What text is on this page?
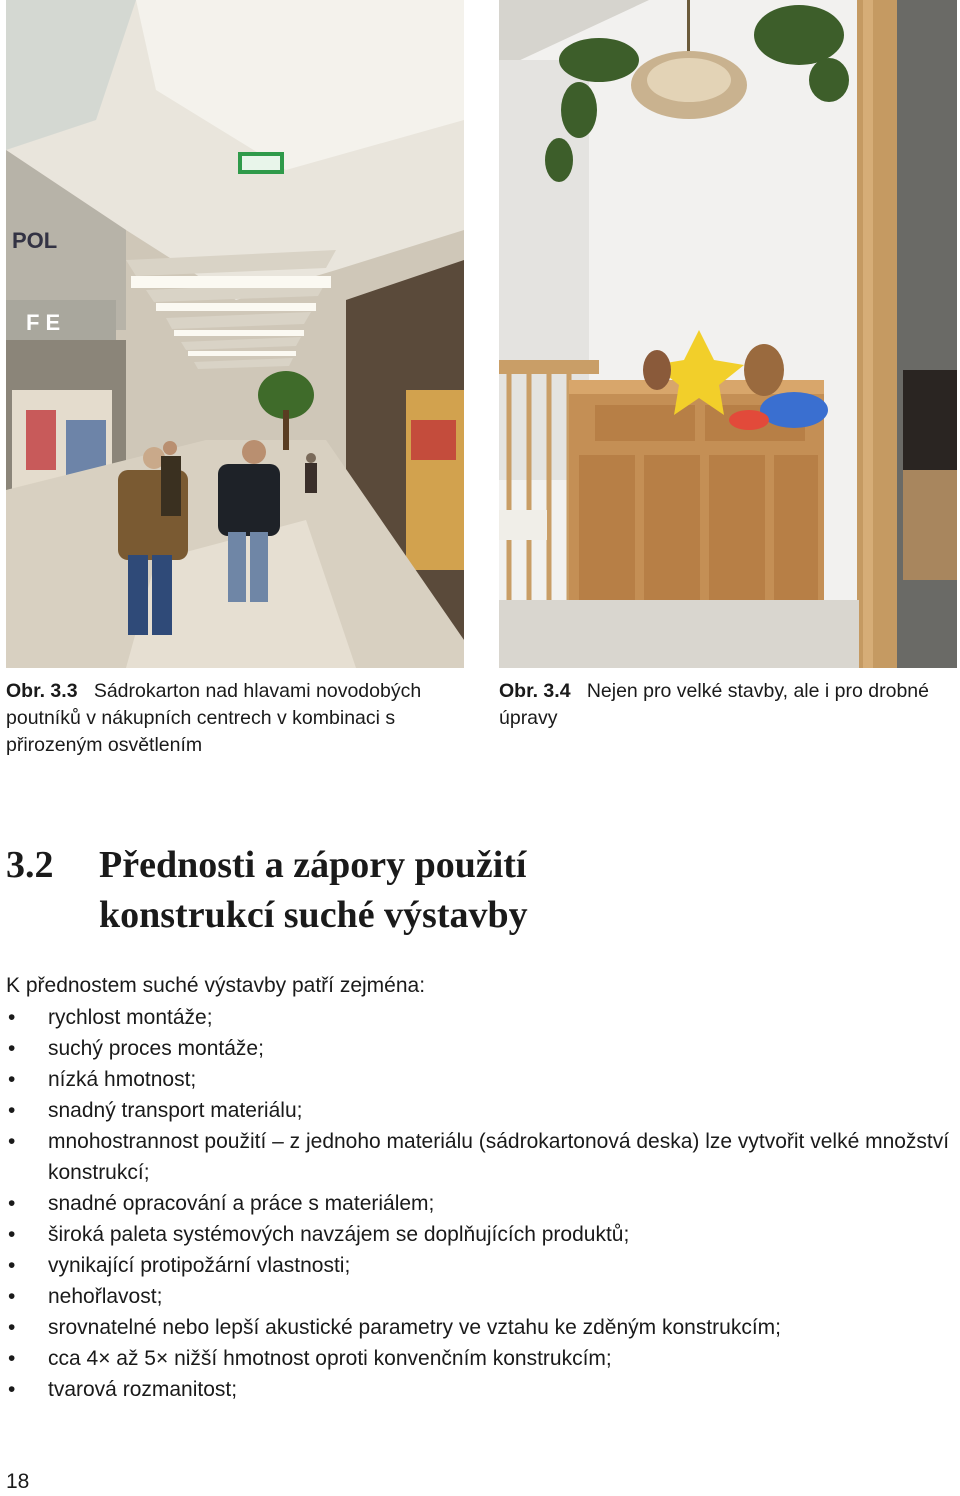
POL
F E
Obr. 3.3 Sádrokarton nad hlavami novodobých poutníků v nákupních centrech v kombinaci s přirozeným osvětlením
Obr. 3.4 Nejen pro velké stavby, ale i pro drobné úpravy
3.2 Přednosti a zápory použití
konstrukcí suché výstavby
K přednostem suché výstavby patří zejména:
• rychlost montáže;
• suchý proces montáže;
• nízká hmotnost;
• snadný transport materiálu;
• mnohostrannost použití – z jednoho materiálu (sádrokartonová deska) lze vytvořit velké množství konstrukcí;
• snadné opracování a práce s materiálem;
• široká paleta systémových navzájem se doplňujících produktů;
• vynikající protipožární vlastnosti;
• nehořlavost;
• srovnatelné nebo lepší akustické parametry ve vztahu ke zděným konstrukcím;
• cca 4× až 5× nižší hmotnost oproti konvenčním konstrukcím;
• tvarová rozmanitost;
18
